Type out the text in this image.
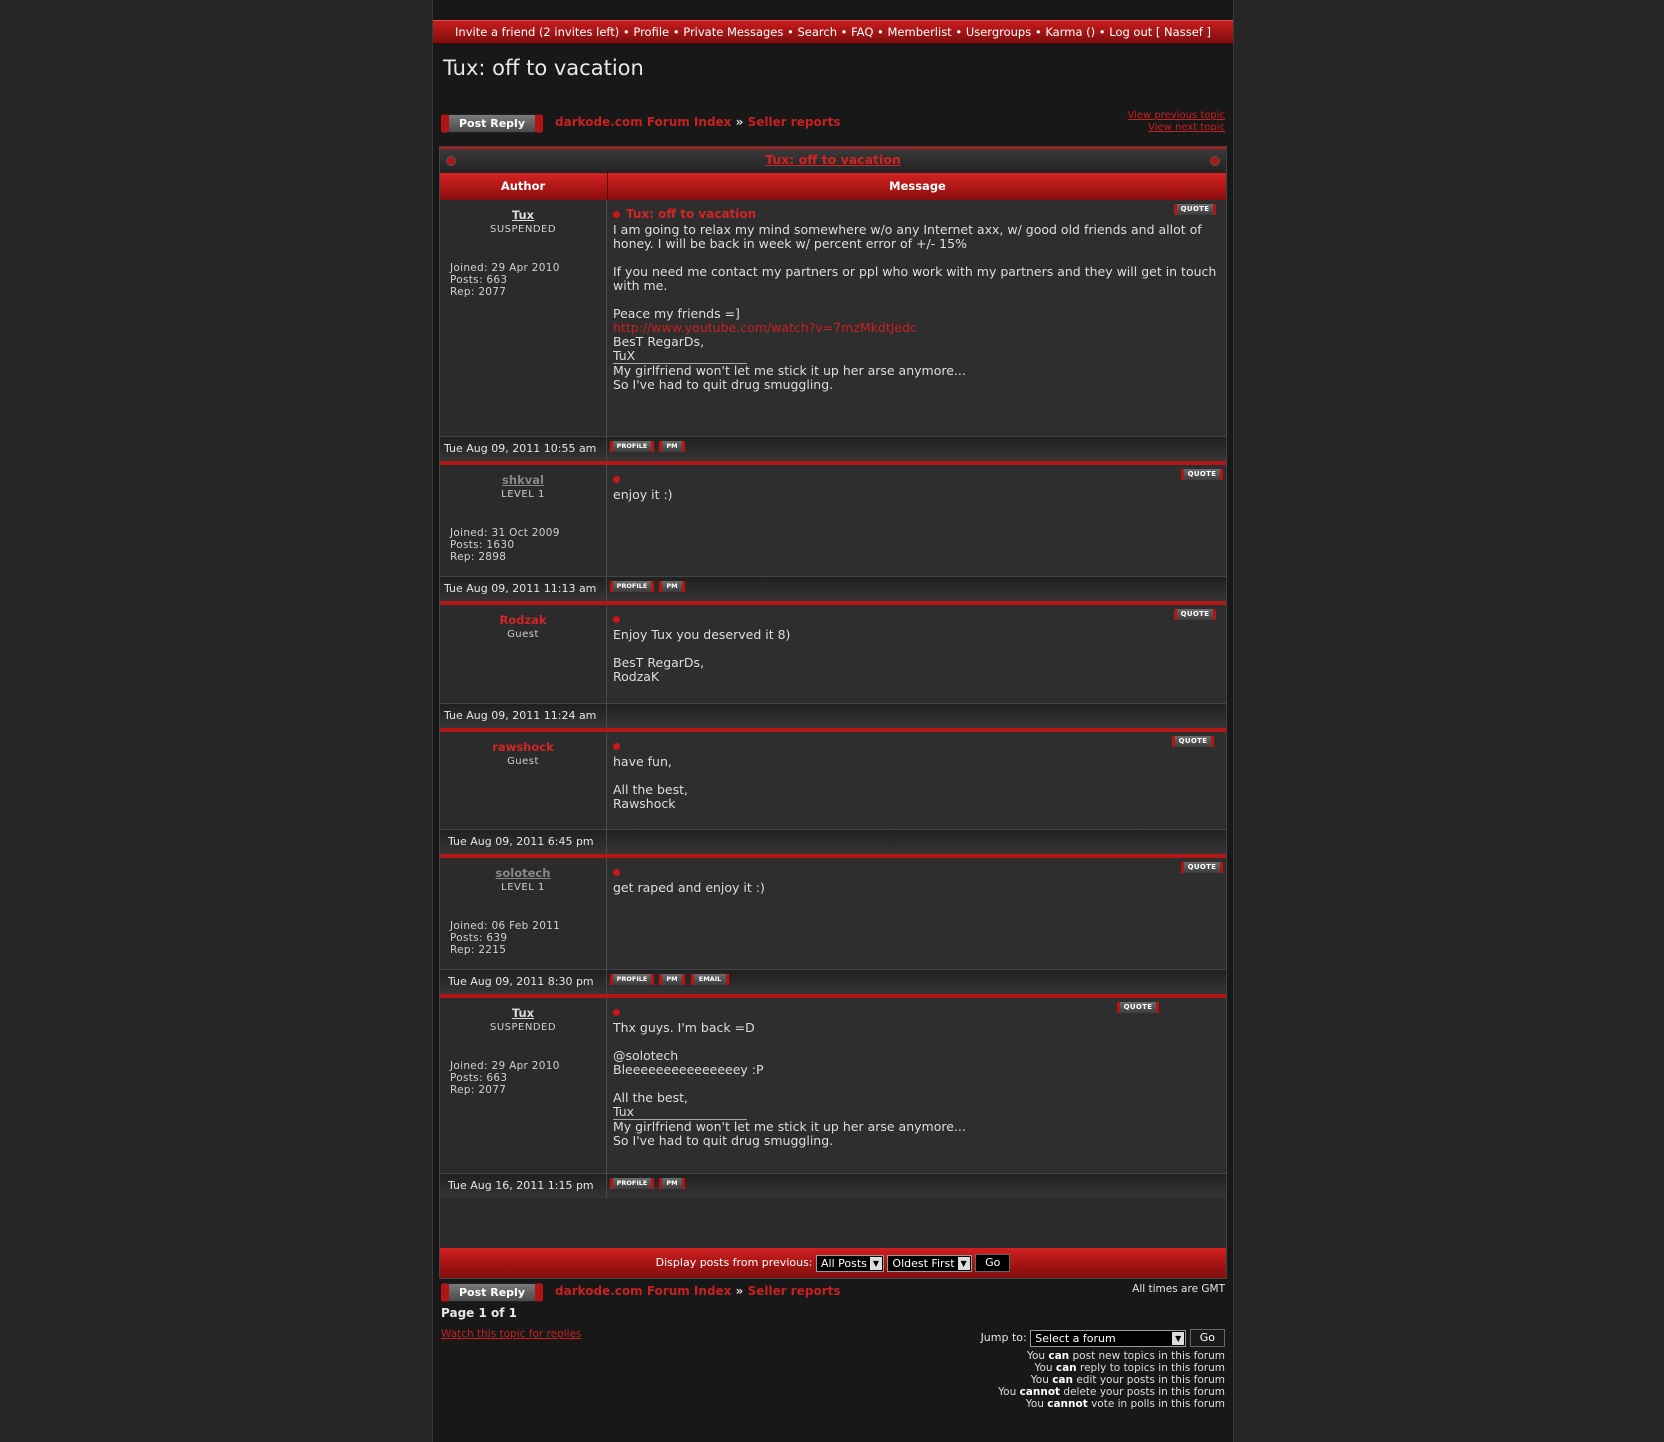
Invite a friend (2 invites left) • Profile • Private Messages • Search • FAQ • Memberlist • Usergroups • Karma () • Log out [ Nassef ]
Tux: off to vacation
Post Reply	darkode.com Forum Index » Seller reports	View previous topic
View next topic
Tux: off to vacation
Author	Message
Tux
SUSPENDED
Joined: 29 Apr 2010
Posts: 663
Rep: 2077
Tux: off to vacation	QUOTE
I am going to relax my mind somewhere w/o any Internet axx, w/ good old friends and allot of honey. I will be back in week w/ percent error of +/- 15%

If you need me contact my partners or ppl who work with my partners and they will get in touch with me.

Peace my friends =]
http://www.youtube.com/watch?v=7mzMkdtJedc
BesT RegarDs,
TuX

My girlfriend won't let me stick it up her arse anymore...
So I've had to quit drug smuggling.
Tue Aug 09, 2011 10:55 am	PROFILE	PM
shkval
LEVEL 1
Joined: 31 Oct 2009
Posts: 1630
Rep: 2898
QUOTE
enjoy it :)
Tue Aug 09, 2011 11:13 am	PROFILE	PM
Rodzak
Guest
QUOTE
Enjoy Tux you deserved it 8)

BesT RegarDs,
RodzaK
Tue Aug 09, 2011 11:24 am
rawshock
Guest
QUOTE
have fun,

All the best,
Rawshock
Tue Aug 09, 2011 6:45 pm
solotech
LEVEL 1
Joined: 06 Feb 2011
Posts: 639
Rep: 2215
QUOTE
get raped and enjoy it :)
Tue Aug 09, 2011 8:30 pm	PROFILE	PM	EMAIL
Tux
SUSPENDED
Joined: 29 Apr 2010
Posts: 663
Rep: 2077
QUOTE
Thx guys. I'm back =D

@solotech
Bleeeeeeeeeeeeeeey :P

All the best,
Tux

My girlfriend won't let me stick it up her arse anymore...
So I've had to quit drug smuggling.
Tue Aug 16, 2011 1:15 pm	PROFILE	PM
Display posts from previous: All Posts ▼ Oldest First ▼ Go
Post Reply	darkode.com Forum Index » Seller reports	All times are GMT
Page 1 of 1
Watch this topic for replies	Jump to: Select a forum	▼ Go
You can post new topics in this forum
You can reply to topics in this forum
You can edit your posts in this forum
You cannot delete your posts in this forum
You cannot vote in polls in this forum
